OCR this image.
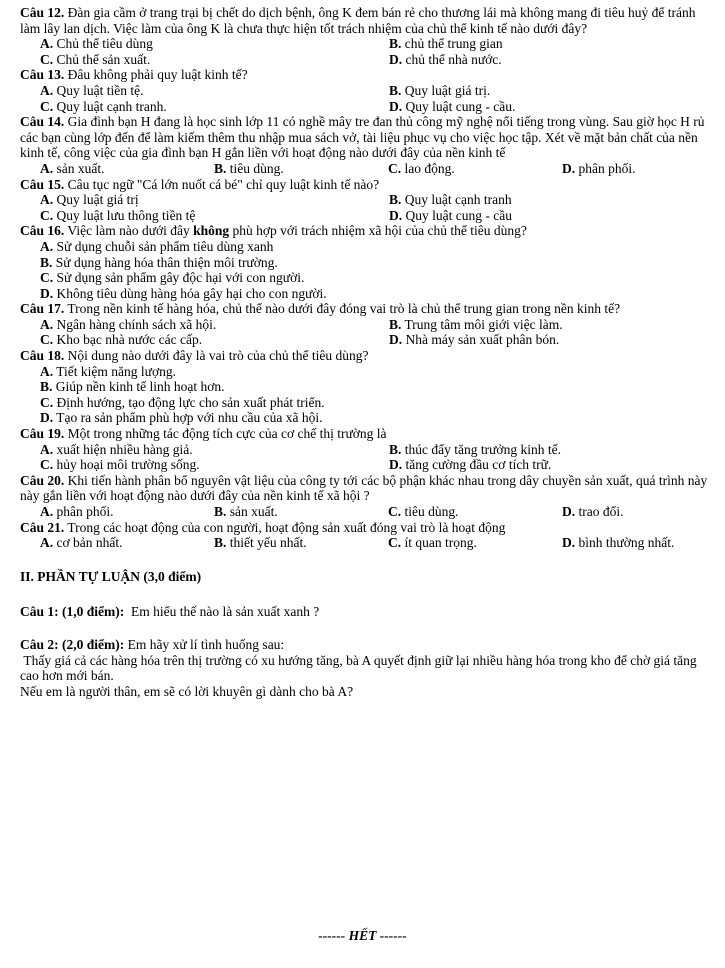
Câu 12. Đàn gia cầm ở trang trại bị chết do dịch bệnh, ông K đem bán rẻ cho thương lái mà không mang đi tiêu huỷ để tránh làm lây lan dịch. Việc làm của ông K là chưa thực hiện tốt trách nhiệm của chủ thể kinh tế nào dưới đây?

A. Chủ thể tiêu dùng	B. chủ thể trung gian
C. Chủ thể sản xuất.	D. chủ thể nhà nước.

Câu 13. Đâu không phải quy luật kinh tế?

A. Quy luật tiền tệ.	B. Quy luật giá trị.
C. Quy luật cạnh tranh.	D. Quy luật cung - cầu.

Câu 14. Gia đình bạn H đang là học sinh lớp 11 có nghề mây tre đan thủ công mỹ nghệ nổi tiếng trong vùng. Sau giờ học H rủ các bạn cùng lớp đến để làm kiếm thêm thu nhập mua sách vở, tài liệu phục vụ cho việc học tập. Xét về mặt bản chất của nền kinh tế, công việc của gia đình bạn H gắn liền với hoạt động nào dưới đây của nền kinh tế

A. sản xuất.	B. tiêu dùng.	C. lao động.	D. phân phối.

Câu 15. Câu tục ngữ "Cá lớn nuốt cá bé" chỉ quy luật kinh tế nào?

A. Quy luật giá trị	B. Quy luật cạnh tranh
C. Quy luật lưu thông tiền tệ	D. Quy luật cung - cầu

Câu 16. Việc làm nào dưới đây không phù hợp với trách nhiệm xã hội của chủ thể tiêu dùng?

A. Sử dụng chuỗi sản phẩm tiêu dùng xanh
B. Sử dụng hàng hóa thân thiện môi trường.
C. Sử dụng sản phẩm gây độc hại với con người.
D. Không tiêu dùng hàng hóa gây hại cho con người.

Câu 17. Trong nền kinh tế hàng hóa, chủ thể nào dưới đây đóng vai trò là chủ thể trung gian trong nền kinh tế?

A. Ngân hàng chính sách xã hội.	B. Trung tâm môi giới việc làm.
C. Kho bạc nhà nước các cấp.	D. Nhà máy sản xuất phân bón.

Câu 18. Nội dung nào dưới đây là vai trò của chủ thể tiêu dùng?

A. Tiết kiệm năng lượng.
B. Giúp nền kinh tế linh hoạt hơn.
C. Định hướng, tạo động lực cho sản xuất phát triển.
D. Tạo ra sản phẩm phù hợp với nhu cầu của xã hội.

Câu 19. Một trong những tác động tích cực của cơ chế thị trường là

A. xuất hiện nhiều hàng giả.	B. thúc đẩy tăng trưởng kinh tế.
C. hủy hoại môi trường sống.	D. tăng cường đầu cơ tích trữ.

Câu 20. Khi tiến hành phân bổ nguyên vật liệu của công ty tới các bộ phận khác nhau trong dây chuyền sản xuất, quá trình này này gắn liền với hoạt động nào dưới đây của nền kinh tế xã hội ?

A. phân phối.	B. sản xuất.	C. tiêu dùng.	D. trao đổi.

Câu 21. Trong các hoạt động của con người, hoạt động sản xuất đóng vai trò là hoạt động

A. cơ bản nhất.	B. thiết yếu nhất.	C. ít quan trọng.	D. bình thường nhất.
II. PHẦN TỰ LUẬN (3,0 điểm)

Câu 1: (1,0 điểm): Em hiểu thế nào là sản xuất xanh ?

Câu 2: (2,0 điểm): Em hãy xử lí tình huống sau:

Thấy giá cả các hàng hóa trên thị trường có xu hướng tăng, bà A quyết định giữ lại nhiều hàng hóa trong kho để chờ giá tăng cao hơn mới bán.

Nếu em là người thân, em sẽ có lời khuyên gì dành cho bà A?

------ HẾT ------
